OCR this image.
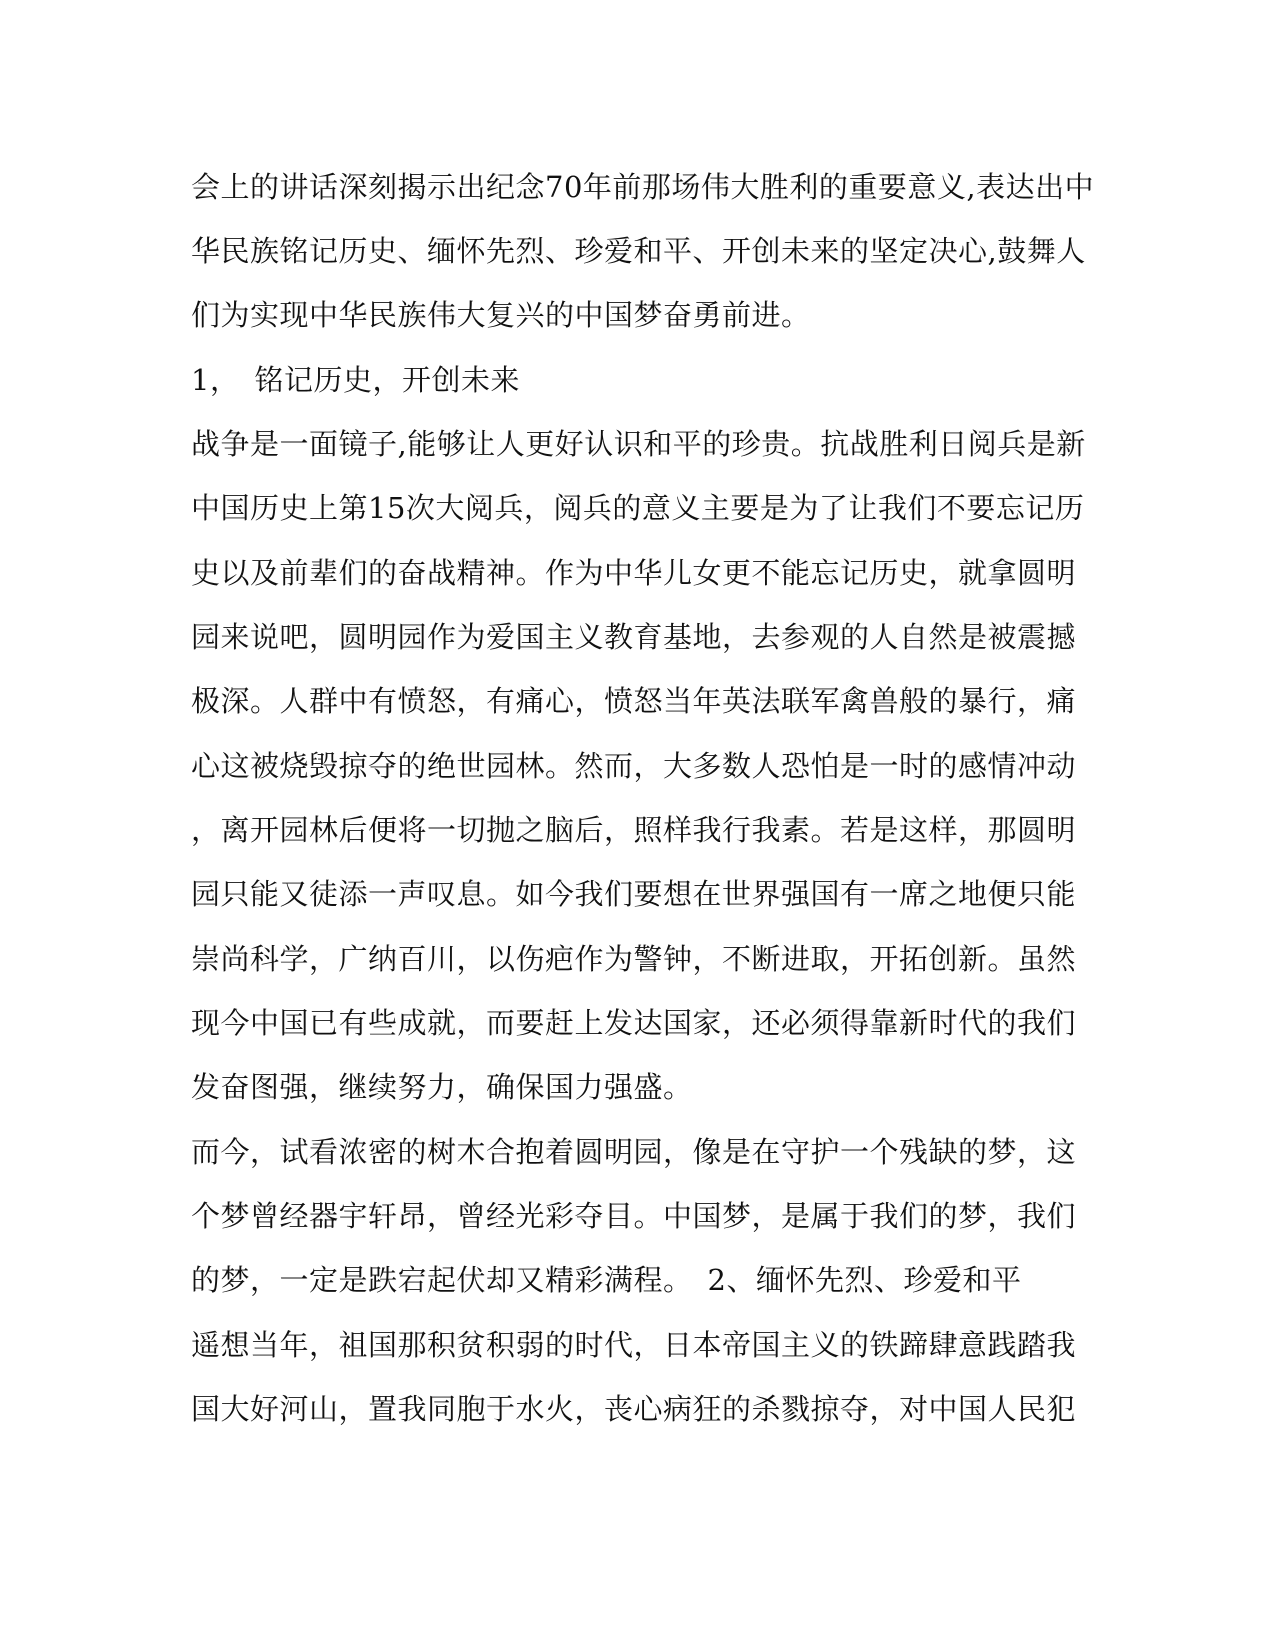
会上的讲话深刻揭示出纪念70年前那场伟大胜利的重要意义,表达出中
华民族铭记历史、缅怀先烈、珍爱和平、开创未来的坚定决心,鼓舞人
们为实现中华民族伟大复兴的中国梦奋勇前进。
1，　铭记历史，开创未来
战争是一面镜子,能够让人更好认识和平的珍贵。抗战胜利日阅兵是新
中国历史上第15次大阅兵，阅兵的意义主要是为了让我们不要忘记历
史以及前辈们的奋战精神。作为中华儿女更不能忘记历史，就拿圆明
园来说吧，圆明园作为爱国主义教育基地，去参观的人自然是被震撼
极深。人群中有愤怒，有痛心，愤怒当年英法联军禽兽般的暴行，痛
心这被烧毁掠夺的绝世园林。然而，大多数人恐怕是一时的感情冲动
，离开园林后便将一切抛之脑后，照样我行我素。若是这样，那圆明
园只能又徒添一声叹息。如今我们要想在世界强国有一席之地便只能
崇尚科学，广纳百川，以伤疤作为警钟，不断进取，开拓创新。虽然
现今中国已有些成就，而要赶上发达国家，还必须得靠新时代的我们
发奋图强，继续努力，确保国力强盛。
而今，试看浓密的树木合抱着圆明园，像是在守护一个残缺的梦，这
个梦曾经器宇轩昂，曾经光彩夺目。中国梦，是属于我们的梦，我们
的梦，一定是跌宕起伏却又精彩满程。　2、缅怀先烈、珍爱和平
遥想当年，祖国那积贫积弱的时代，日本帝国主义的铁蹄肆意践踏我
国大好河山，置我同胞于水火，丧心病狂的杀戮掠夺，对中国人民犯
